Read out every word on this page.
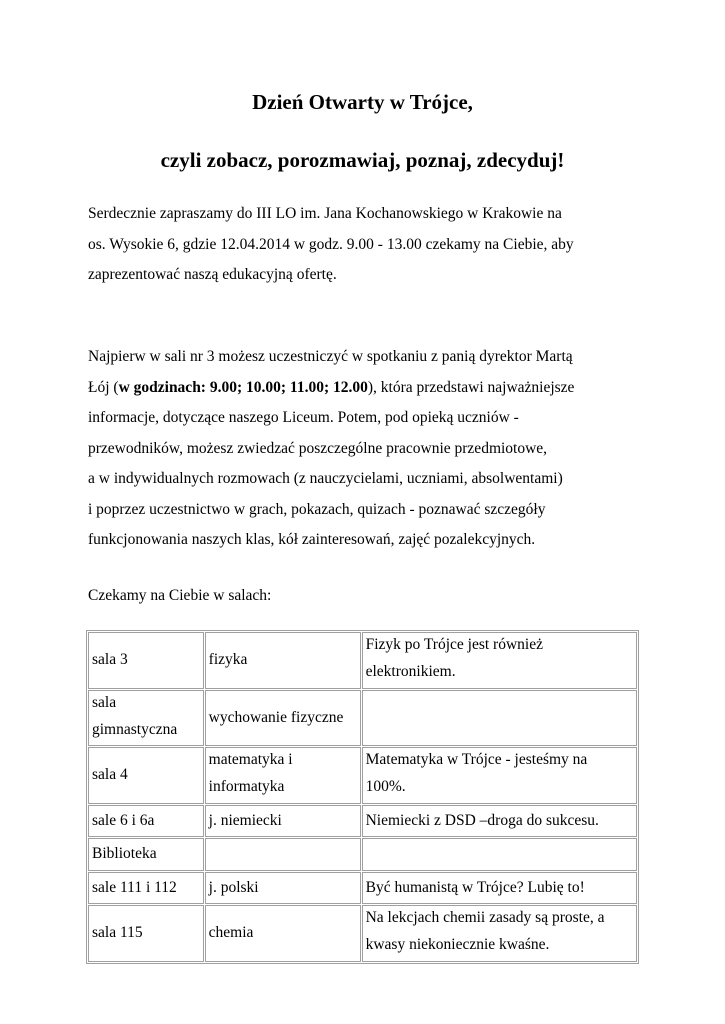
Dzień Otwarty w Trójce,
czyli zobacz, porozmawiaj, poznaj, zdecyduj!

Serdecznie zapraszamy do III LO im. Jana Kochanowskiego w Krakowie na
os. Wysokie 6, gdzie 12.04.2014 w godz. 9.00 - 13.00 czekamy na Ciebie, aby
zaprezentować naszą edukacyjną ofertę.

Najpierw w sali nr 3 możesz uczestniczyć w spotkaniu z panią dyrektor Martą
Łój (w godzinach: 9.00; 10.00; 11.00; 12.00), która przedstawi najważniejsze
informacje, dotyczące naszego Liceum. Potem, pod opieką uczniów -
przewodników, możesz zwiedzać poszczególne pracownie przedmiotowe,
a w indywidualnych rozmowach (z nauczycielami, uczniami, absolwentami)
i poprzez uczestnictwo w grach, pokazach, quizach - poznawać szczegóły
funkcjonowania naszych klas, kół zainteresowań, zajęć pozalekcyjnych.

Czekamy na Ciebie w salach:

sala 3	fizyka	Fizyk po Trójce jest również
elektronikiem.

sala
gimnastyczna	wychowanie fizyczne	

sala 4	matematyka i
informatyka	Matematyka w Trójce - jesteśmy na
100%.

sale 6 i 6a	j. niemiecki	Niemiecki z DSD –droga do sukcesu.

Biblioteka		

sale 111 i 112	j. polski	Być humanistą w Trójce? Lubię to!

sala 115	chemia	Na lekcjach chemii zasady są proste, a
kwasy niekoniecznie kwaśne.
